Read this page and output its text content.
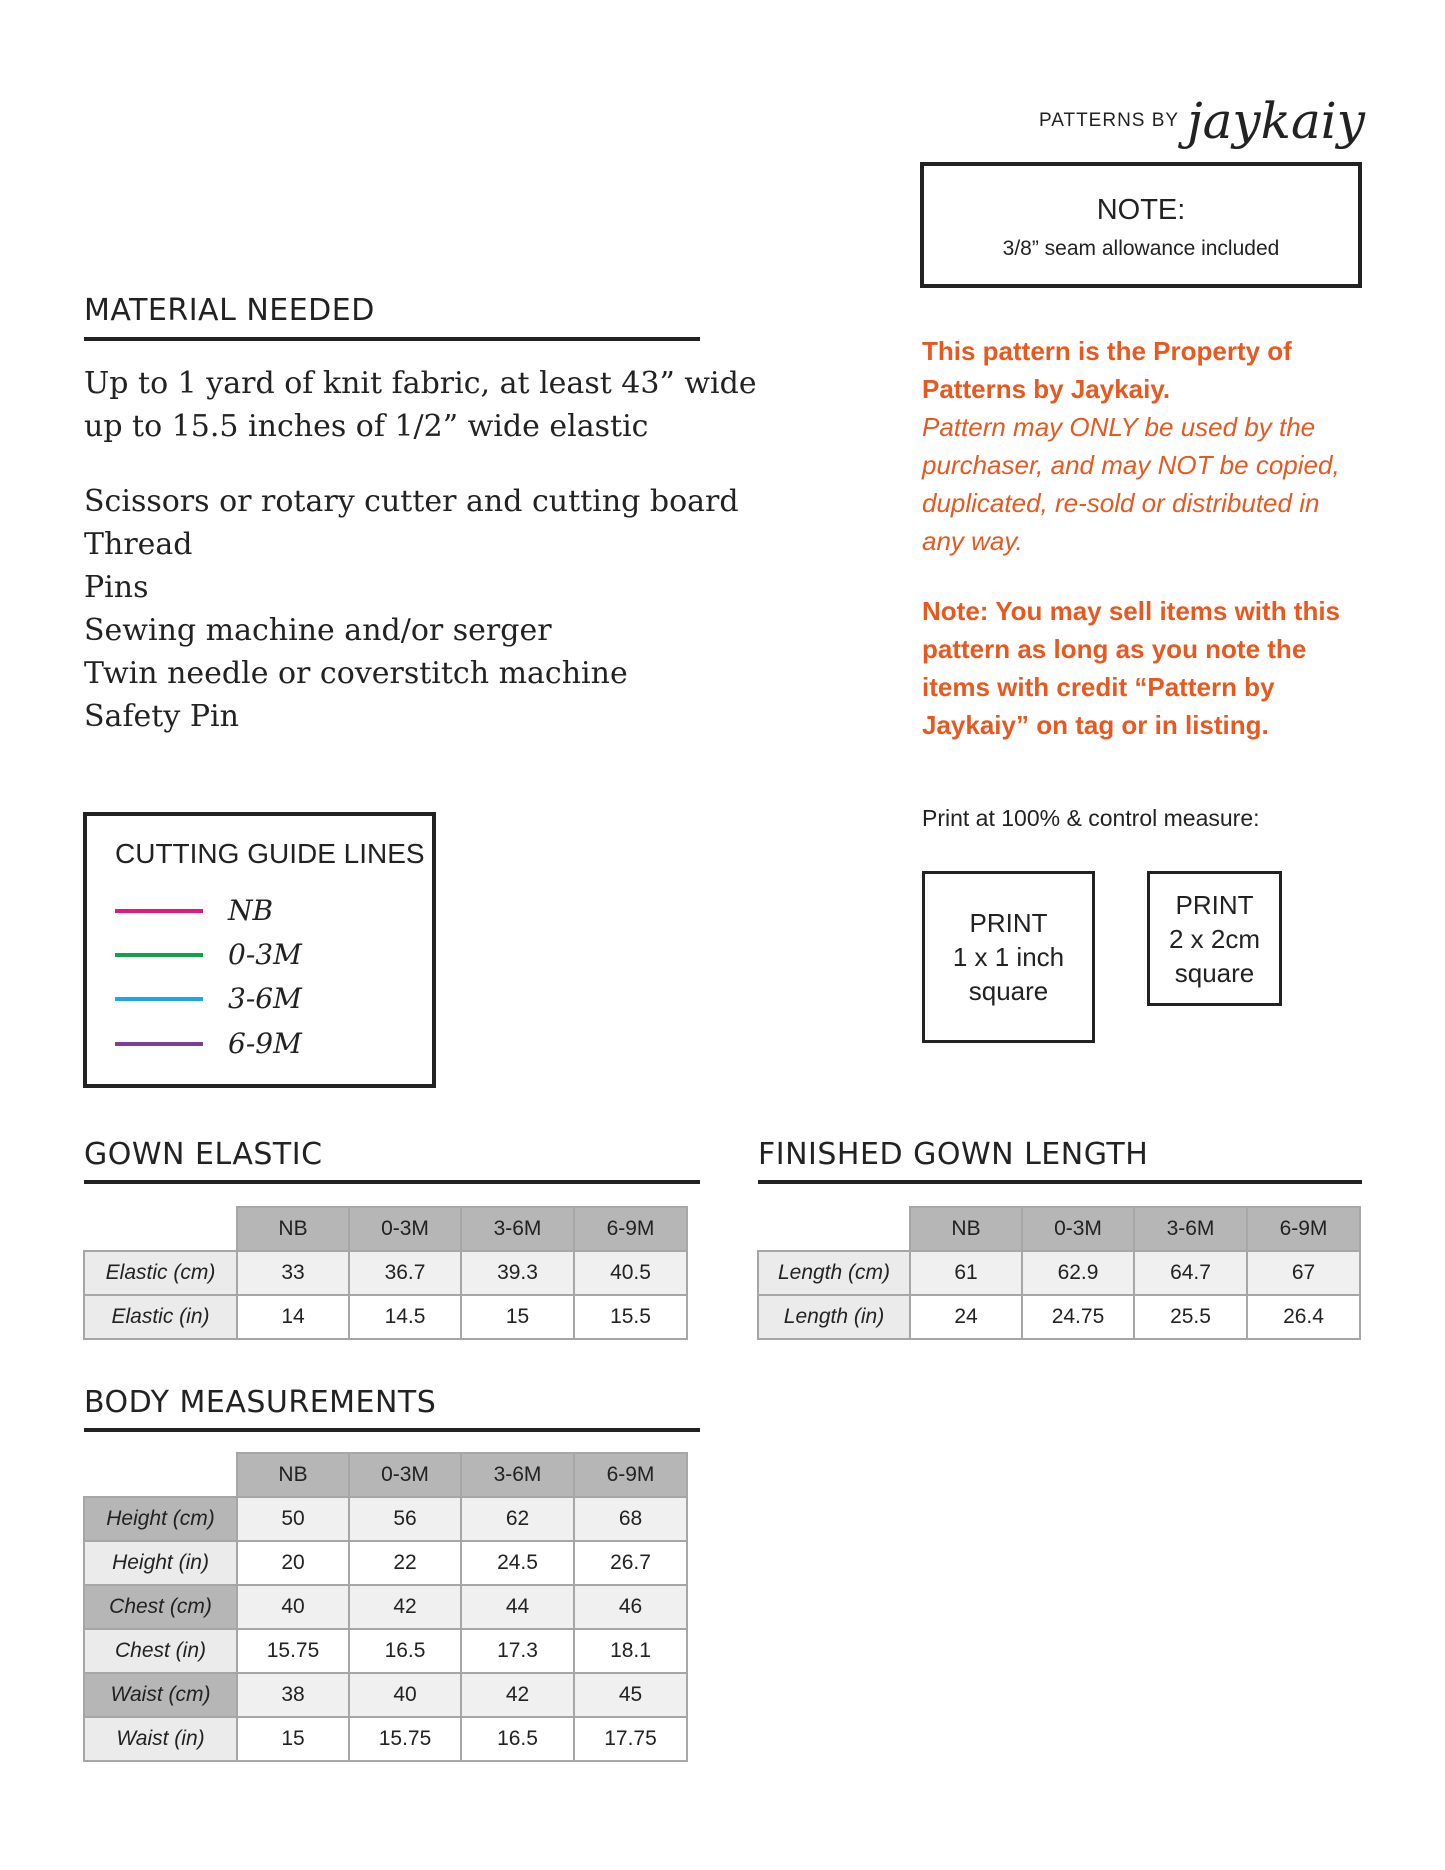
PATTERNS BY jaykaiy
NOTE:
3/8” seam allowance included
MATERIAL NEEDED
Up to 1 yard of knit fabric, at least 43” wide
up to 15.5 inches of 1/2” wide elastic
Scissors or rotary cutter and cutting board
Thread
Pins
Sewing machine and/or serger
Twin needle or coverstitch machine
Safety Pin
This pattern is the Property of
Patterns by Jaykaiy.
Pattern may ONLY be used by the
purchaser, and may NOT be copied,
duplicated, re-sold or distributed in
any way.
Note: You may sell items with this
pattern as long as you note the
items with credit “Pattern by
Jaykaiy” on tag or in listing.
Print at 100% & control measure:
PRINT
1 x 1 inch
square
PRINT
2 x 2cm
square
CUTTING GUIDE LINES
NB
0-3M
3-6M
6-9M
GOWN ELASTIC
	NB	0-3M	3-6M	6-9M
Elastic (cm)	33	36.7	39.3	40.5
Elastic (in)	14	14.5	15	15.5
FINISHED GOWN LENGTH
	NB	0-3M	3-6M	6-9M
Length (cm)	61	62.9	64.7	67
Length (in)	24	24.75	25.5	26.4
BODY MEASUREMENTS
	NB	0-3M	3-6M	6-9M
Height (cm)	50	56	62	68
Height (in)	20	22	24.5	26.7
Chest (cm)	40	42	44	46
Chest (in)	15.75	16.5	17.3	18.1
Waist (cm)	38	40	42	45
Waist (in)	15	15.75	16.5	17.75
